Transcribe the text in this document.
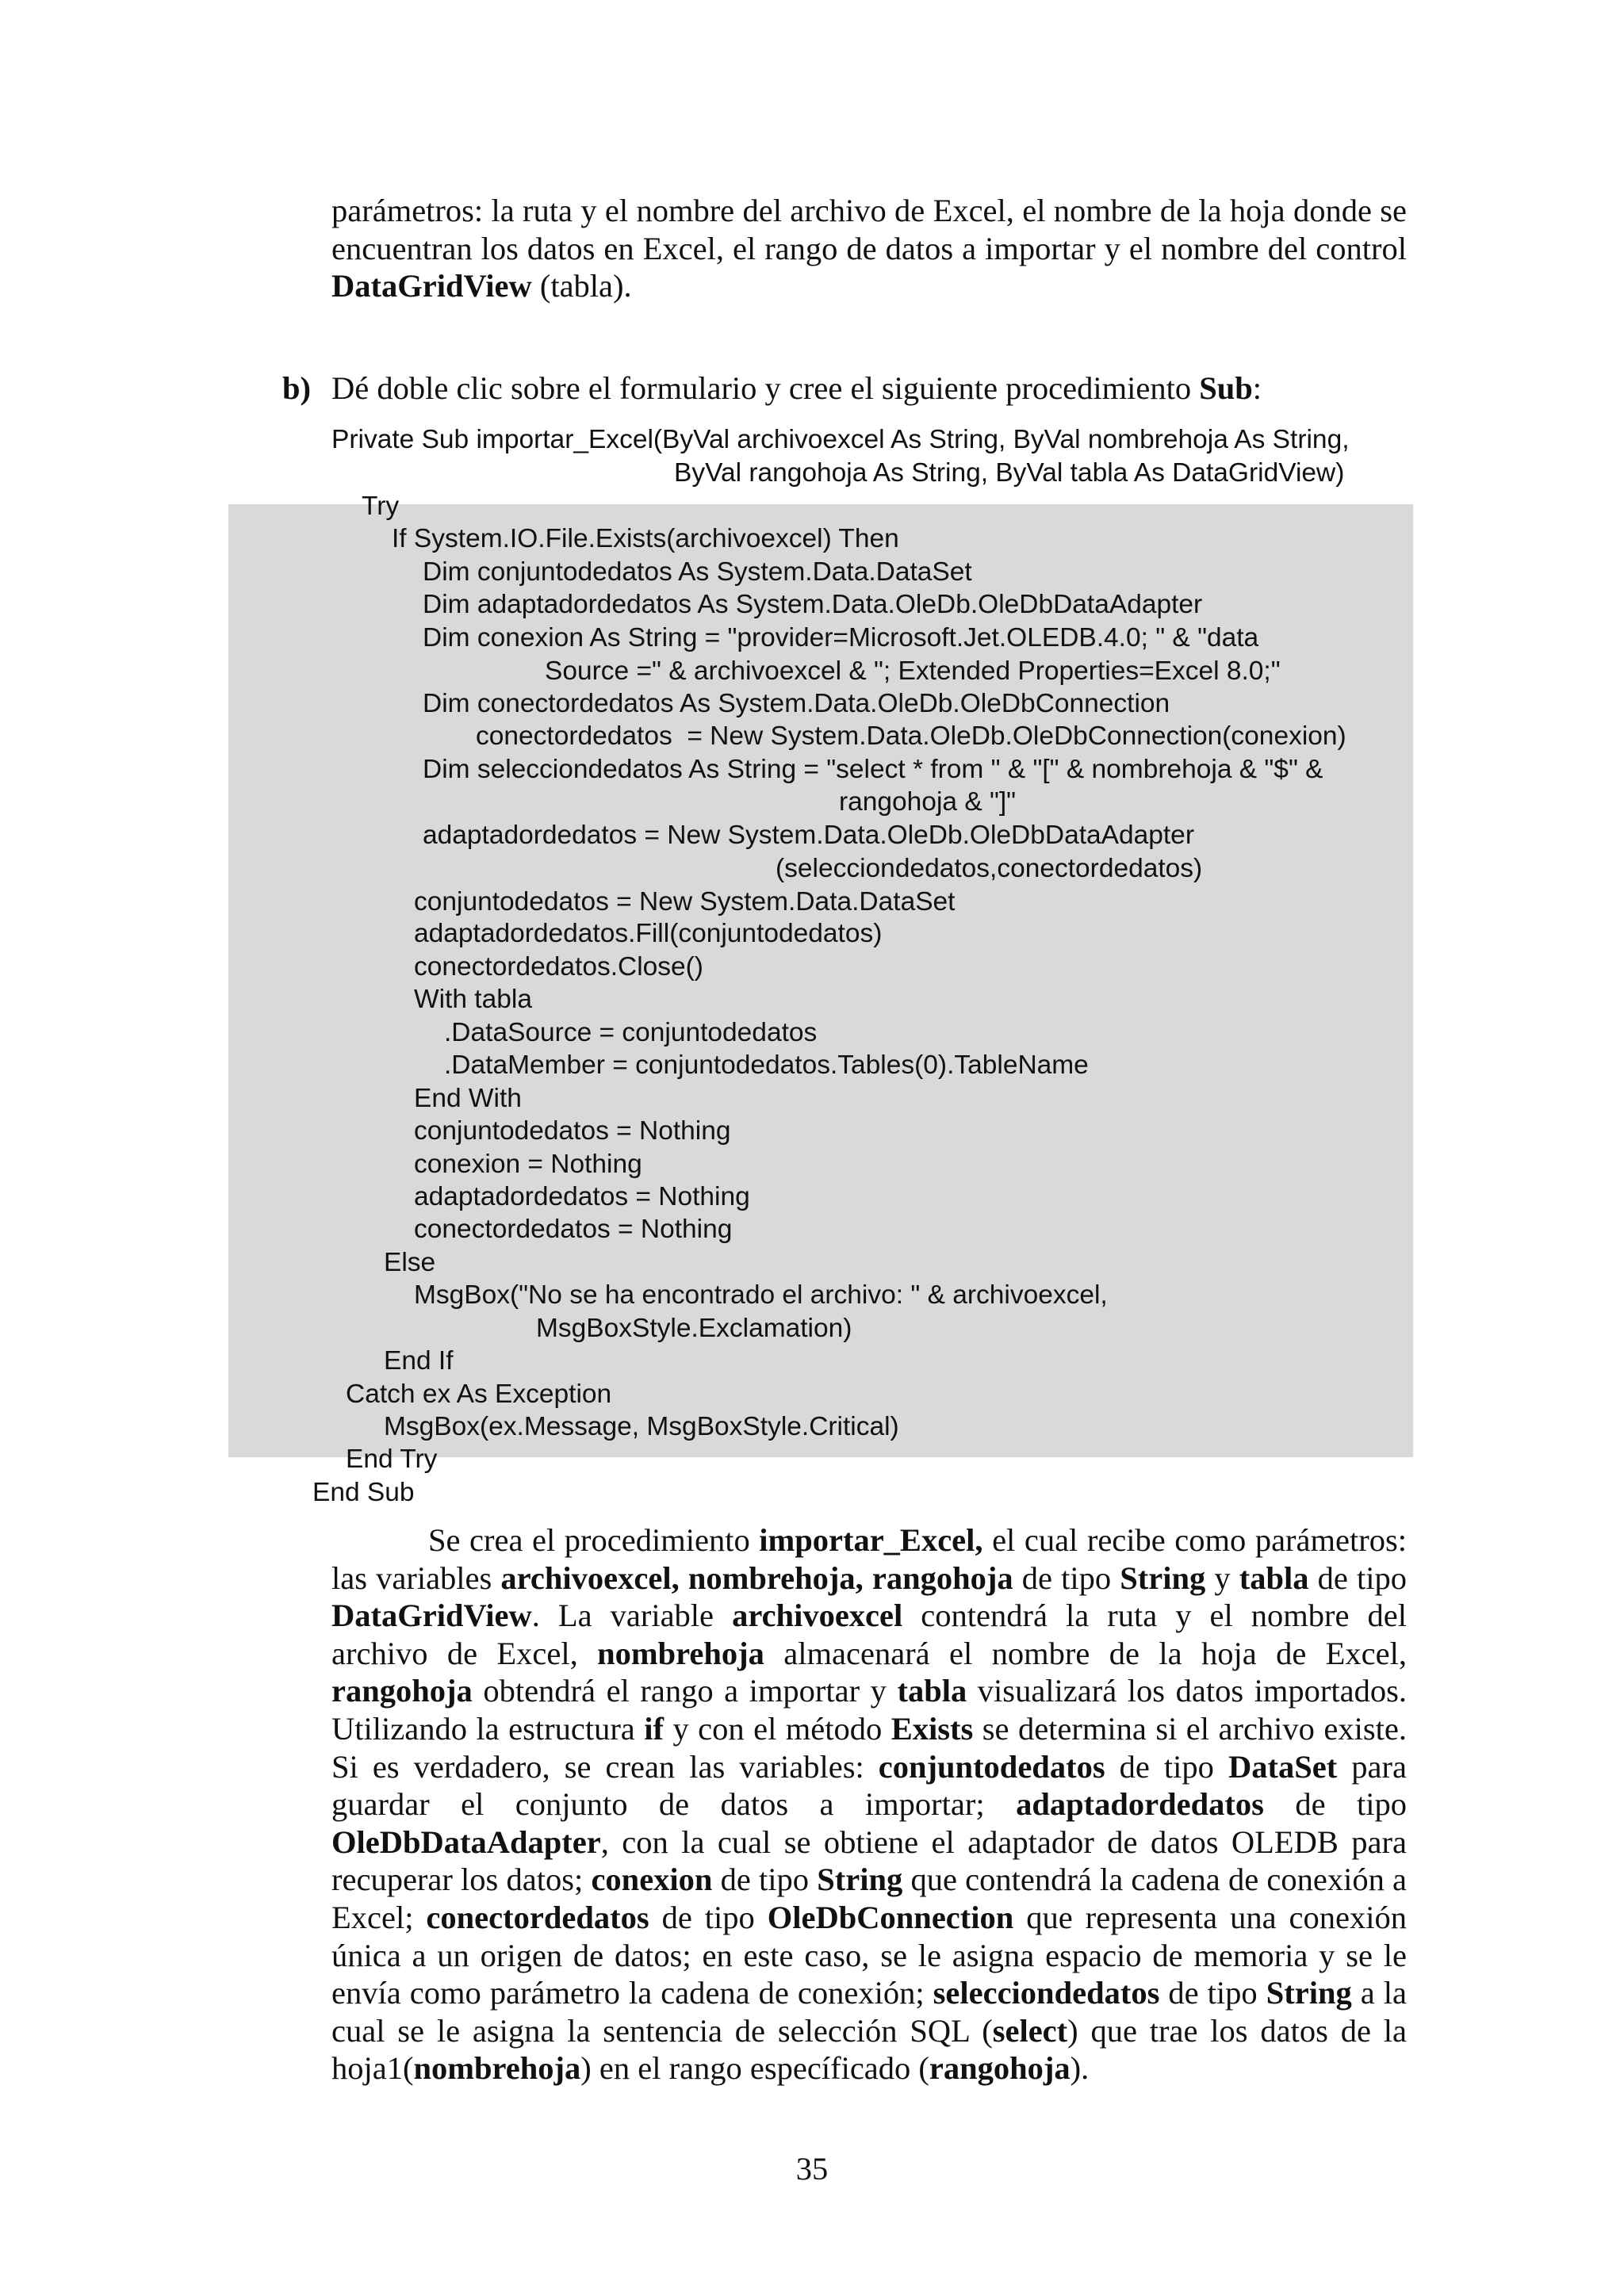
parámetros: la ruta y el nombre del archivo de Excel, el nombre de la hoja donde se encuentran los datos en Excel, el rango de datos a importar y el nombre del control DataGridView (tabla).

b) Dé doble clic sobre el formulario y cree el siguiente procedimiento Sub:
Private Sub importar_Excel(ByVal archivoexcel As String, ByVal nombrehoja As String,
ByVal rangohoja As String, ByVal tabla As DataGridView)
Try
If System.IO.File.Exists(archivoexcel) Then
Dim conjuntodedatos As System.Data.DataSet
Dim adaptadordedatos As System.Data.OleDb.OleDbDataAdapter
Dim conexion As String = "provider=Microsoft.Jet.OLEDB.4.0; " & "data
Source =" & archivoexcel & "; Extended Properties=Excel 8.0;"
Dim conectordedatos As System.Data.OleDb.OleDbConnection
conectordedatos  = New System.Data.OleDb.OleDbConnection(conexion)
Dim selecciondedatos As String = "select * from " & "[" & nombrehoja & "$" &
rangohoja & "]"
adaptadordedatos = New System.Data.OleDb.OleDbDataAdapter
(selecciondedatos,conectordedatos)
conjuntodedatos = New System.Data.DataSet
adaptadordedatos.Fill(conjuntodedatos)
conectordedatos.Close()
With tabla
.DataSource = conjuntodedatos
.DataMember = conjuntodedatos.Tables(0).TableName
End With
conjuntodedatos = Nothing
conexion = Nothing
adaptadordedatos = Nothing
conectordedatos = Nothing
Else
MsgBox("No se ha encontrado el archivo: " & archivoexcel,
MsgBoxStyle.Exclamation)
End If
Catch ex As Exception
MsgBox(ex.Message, MsgBoxStyle.Critical)
End Try
End Sub

Se crea el procedimiento importar_Excel, el cual recibe como parámetros: las variables archivoexcel, nombrehoja, rangohoja de tipo String y tabla de tipo DataGridView. La variable archivoexcel contendrá la ruta y el nombre del archivo de Excel, nombrehoja almacenará el nombre de la hoja de Excel, rangohoja obtendrá el rango a importar y tabla visualizará los datos importados. Utilizando la estructura if y con el método Exists se determina si el archivo existe. Si es verdadero, se crean las variables: conjuntodedatos de tipo DataSet para guardar el conjunto de datos a importar; adaptadordedatos de tipo OleDbDataAdapter, con la cual se obtiene el adaptador de datos OLEDB para recuperar los datos; conexion de tipo String que contendrá la cadena de conexión a Excel; conectordedatos de tipo OleDbConnection que representa una conexión única a un origen de datos; en este caso, se le asigna espacio de memoria y se le envía como parámetro la cadena de conexión; selecciondedatos de tipo String a la cual se le asigna la sentencia de selección SQL (select) que trae los datos de la hoja1(nombrehoja) en el rango específicado (rangohoja).

35
